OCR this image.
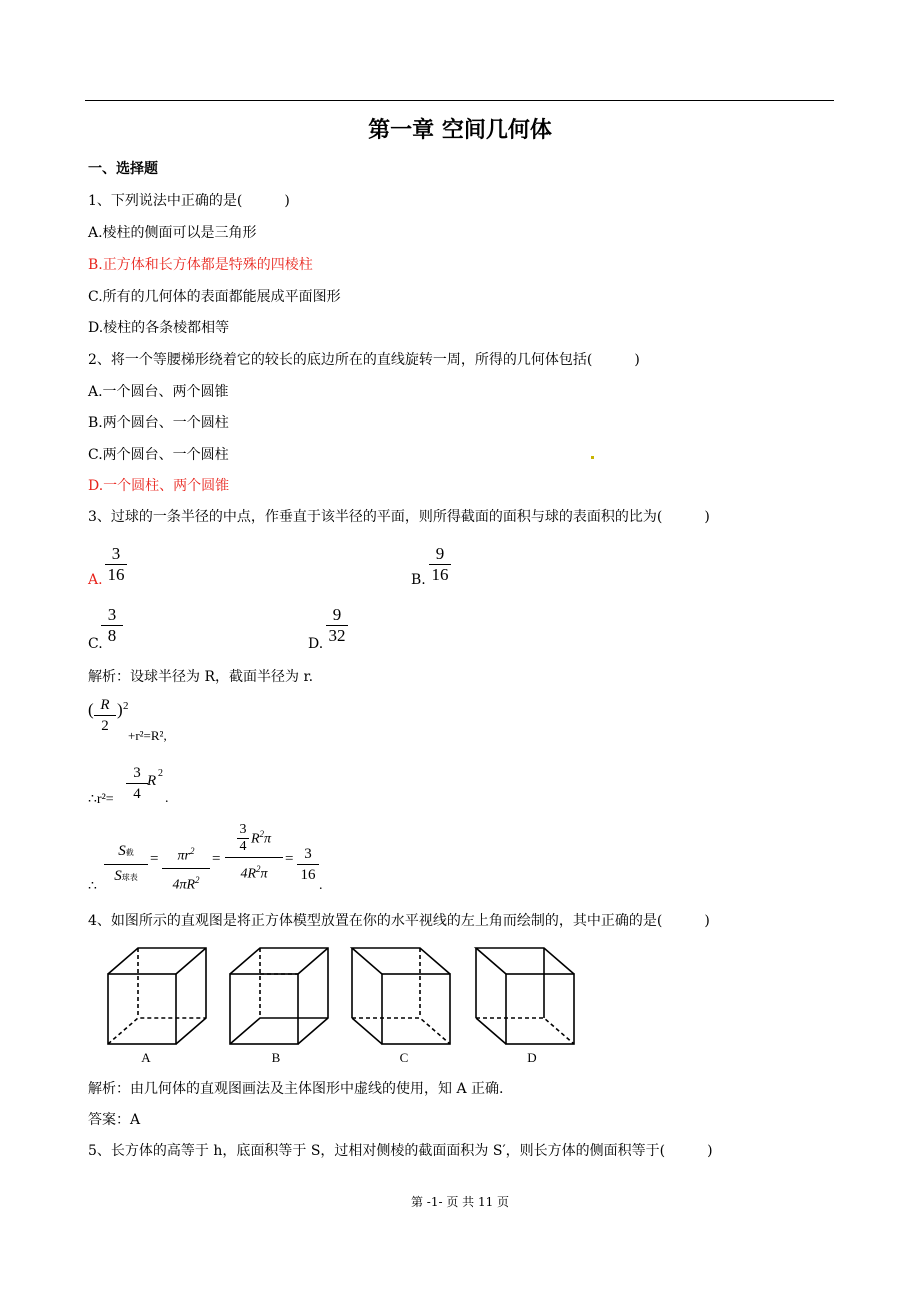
第一章 空间几何体
一、选择题
1、下列说法中正确的是(　　　)
A.棱柱的侧面可以是三角形
B.正方体和长方体都是特殊的四棱柱
C.所有的几何体的表面都能展成平面图形
D.棱柱的各条棱都相等
2、将一个等腰梯形绕着它的较长的底边所在的直线旋转一周，所得的几何体包括(　　　)
A.一个圆台、两个圆锥
B.两个圆台、一个圆柱
C.两个圆台、一个圆柱
D.一个圆柱、两个圆锥
3、过球的一条半径的中点，作垂直于该半径的平面，则所得截面的面积与球的表面积的比为(　　　)
A.
3
16	B.
9
16
C.
3
8	D.
9
32
解析：设球半径为 R，截面半径为 r.
( R
2
) 2
+r²=R²,
∴r²=
3
4
R 2
.
∴
S截
S球表
=	$\pi r^2$
$4\pi R^2$
=
3
4 $R^2\pi$
$4R^2\pi$
= 3
16
.
4、如图所示的直观图是将正方体模型放置在你的水平视线的左上角而绘制的，其中正确的是(　　　)
A	B	C	D
解析：由几何体的直观图画法及主体图形中虚线的使用，知 A 正确.
答案：A
5、长方体的高等于 h，底面积等于 S，过相对侧棱的截面面积为 S′，则长方体的侧面积等于(　　　)
第 -1- 页 共 11 页
